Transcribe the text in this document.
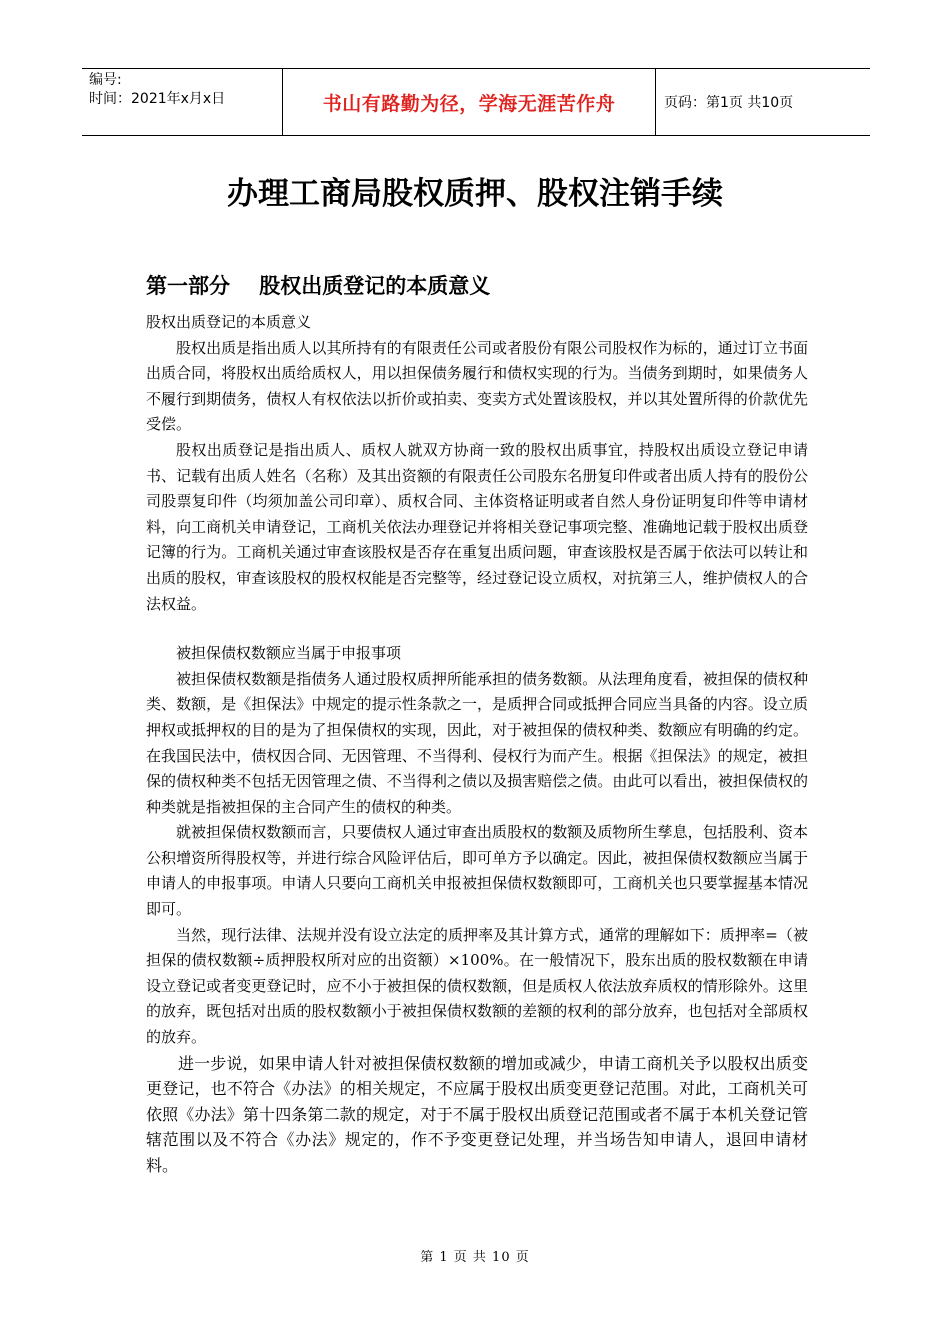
编号:
时间：2021年x月x日	书山有路勤为径，学海无涯苦作舟	页码：第1页 共10页
办理工商局股权质押、股权注销手续
第一部分    股权出质登记的本质意义

股权出质登记的本质意义

股权出质是指出质人以其所持有的有限责任公司或者股份有限公司股权作为标的，通过订立书面出质合同，将股权出质给质权人，用以担保债务履行和债权实现的行为。当债务到期时，如果债务人不履行到期债务，债权人有权依法以折价或拍卖、变卖方式处置该股权，并以其处置所得的价款优先受偿。

股权出质登记是指出质人、质权人就双方协商一致的股权出质事宜，持股权出质设立登记申请书、记载有出质人姓名（名称）及其出资额的有限责任公司股东名册复印件或者出质人持有的股份公司股票复印件（均须加盖公司印章）、质权合同、主体资格证明或者自然人身份证明复印件等申请材料，向工商机关申请登记，工商机关依法办理登记并将相关登记事项完整、准确地记载于股权出质登记簿的行为。工商机关通过审查该股权是否存在重复出质问题，审查该股权是否属于依法可以转让和出质的股权，审查该股权的股权权能是否完整等，经过登记设立质权，对抗第三人，维护债权人的合法权益。

被担保债权数额应当属于申报事项

被担保债权数额是指债务人通过股权质押所能承担的债务数额。从法理角度看，被担保的债权种类、数额，是《担保法》中规定的提示性条款之一，是质押合同或抵押合同应当具备的内容。设立质押权或抵押权的目的是为了担保债权的实现，因此，对于被担保的债权种类、数额应有明确的约定。在我国民法中，债权因合同、无因管理、不当得利、侵权行为而产生。根据《担保法》的规定，被担保的债权种类不包括无因管理之债、不当得利之债以及损害赔偿之债。由此可以看出，被担保债权的种类就是指被担保的主合同产生的债权的种类。

就被担保债权数额而言，只要债权人通过审查出质股权的数额及质物所生孳息，包括股利、资本公积增资所得股权等，并进行综合风险评估后，即可单方予以确定。因此，被担保债权数额应当属于申请人的申报事项。申请人只要向工商机关申报被担保债权数额即可，工商机关也只要掌握基本情况即可。

当然，现行法律、法规并没有设立法定的质押率及其计算方式，通常的理解如下：质押率=（被担保的债权数额÷质押股权所对应的出资额）×100%。在一般情况下，股东出质的股权数额在申请设立登记或者变更登记时，应不小于被担保的债权数额，但是质权人依法放弃质权的情形除外。这里的放弃，既包括对出质的股权数额小于被担保债权数额的差额的权利的部分放弃，也包括对全部质权的放弃。

进一步说，如果申请人针对被担保债权数额的增加或减少，申请工商机关予以股权出质变更登记，也不符合《办法》的相关规定，不应属于股权出质变更登记范围。对此，工商机关可依照《办法》第十四条第二款的规定，对于不属于股权出质登记范围或者不属于本机关登记管辖范围以及不符合《办法》规定的，作不予变更登记处理，并当场告知申请人，退回申请材料。

第 1 页 共 10 页
